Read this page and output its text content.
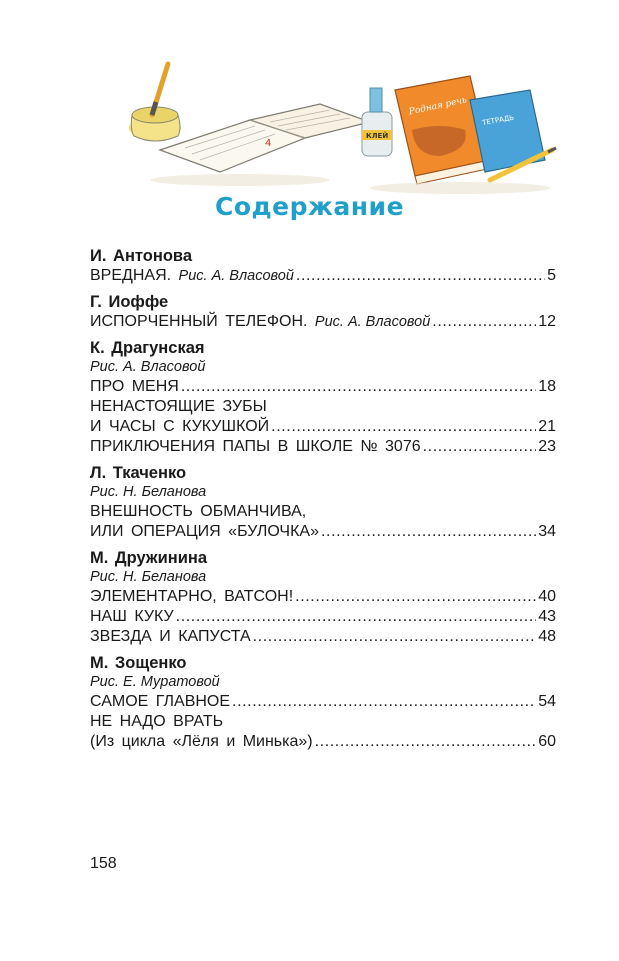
4
КЛЕЙ
Родная речь
ТЕТРАДЬ
Содержание
И. Антонова
ВРЕДНАЯ. Рис. А. Власовой .....	5
Г. Иоффе
ИСПОРЧЕННЫЙ ТЕЛЕФОН. Рис. А. Власовой .....	12
К. Драгунская
Рис. А. Власовой
ПРО МЕНЯ .....	18
НЕНАСТОЯЩИЕ ЗУБЫ
И ЧАСЫ С КУКУШКОЙ .....	21
ПРИКЛЮЧЕНИЯ ПАПЫ В ШКОЛЕ № 3076 .....	23
Л. Ткаченко
Рис. Н. Беланова
ВНЕШНОСТЬ ОБМАНЧИВА,
ИЛИ ОПЕРАЦИЯ «БУЛОЧКА» .....	34
М. Дружинина
Рис. Н. Беланова
ЭЛЕМЕНТАРНО, ВАТСОН! .....	40
НАШ КУКУ .....	43
ЗВЕЗДА И КАПУСТА .....	48
М. Зощенко
Рис. Е. Муратовой
САМОЕ ГЛАВНОЕ .....	54
НЕ НАДО ВРАТЬ
(Из цикла «Лёля и Минька») .....	60
158
